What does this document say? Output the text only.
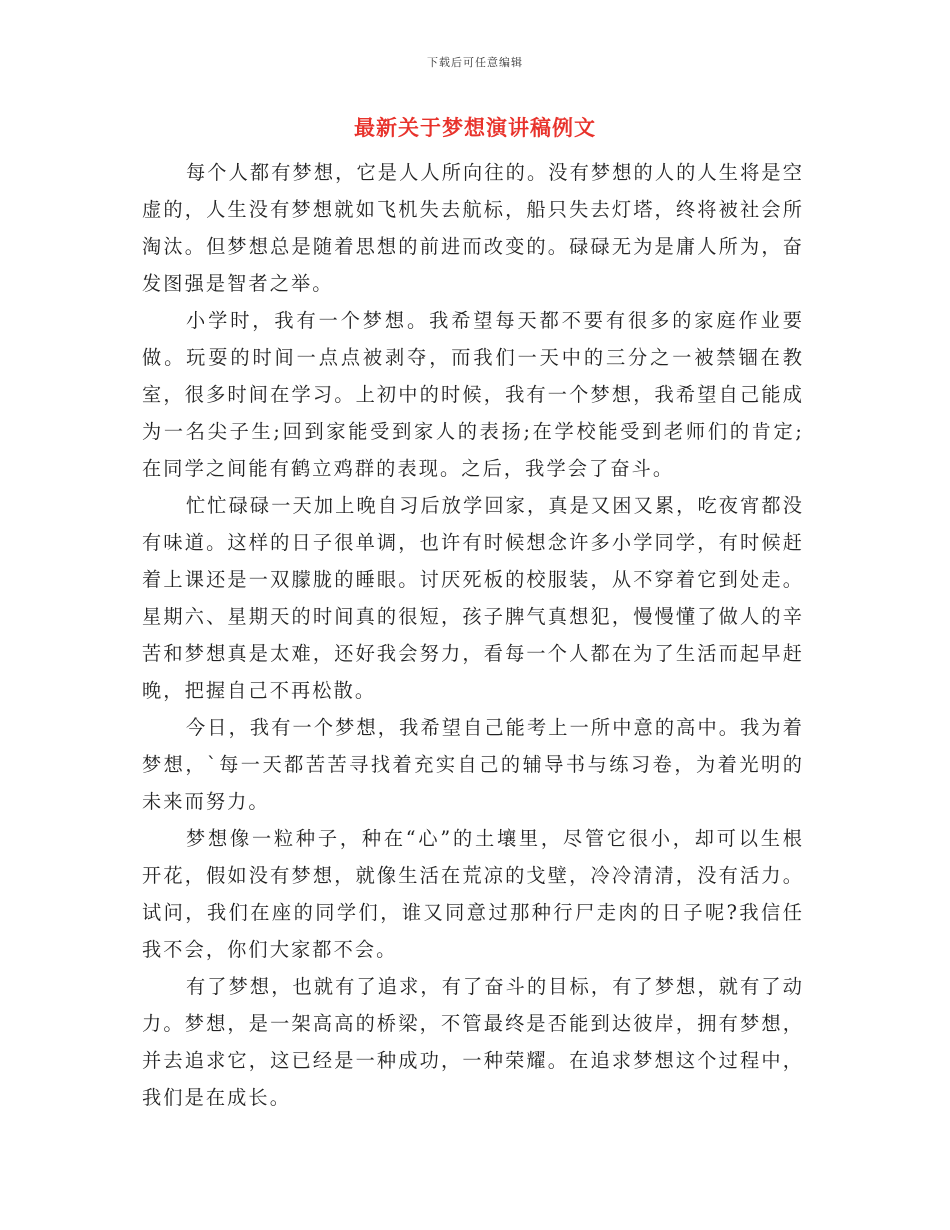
下载后可任意编辑
最新关于梦想演讲稿例文

每个人都有梦想，它是人人所向往的。没有梦想的人的人生将是空虚的，人生没有梦想就如飞机失去航标，船只失去灯塔，终将被社会所淘汰。但梦想总是随着思想的前进而改变的。碌碌无为是庸人所为，奋发图强是智者之举。

小学时，我有一个梦想。我希望每天都不要有很多的家庭作业要做。玩耍的时间一点点被剥夺，而我们一天中的三分之一被禁锢在教室，很多时间在学习。上初中的时候，我有一个梦想，我希望自己能成为一名尖子生;回到家能受到家人的表扬;在学校能受到老师们的肯定;在同学之间能有鹤立鸡群的表现。之后，我学会了奋斗。

忙忙碌碌一天加上晚自习后放学回家，真是又困又累，吃夜宵都没有味道。这样的日子很单调，也许有时候想念许多小学同学，有时候赶着上课还是一双朦胧的睡眼。讨厌死板的校服装，从不穿着它到处走。星期六、星期天的时间真的很短，孩子脾气真想犯，慢慢懂了做人的辛苦和梦想真是太难，还好我会努力，看每一个人都在为了生活而起早赶晚，把握自己不再松散。

今日，我有一个梦想，我希望自己能考上一所中意的高中。我为着梦想，`每一天都苦苦寻找着充实自己的辅导书与练习卷，为着光明的未来而努力。

梦想像一粒种子，种在“心”的土壤里，尽管它很小，却可以生根开花，假如没有梦想，就像生活在荒凉的戈壁，冷冷清清，没有活力。试问，我们在座的同学们，谁又同意过那种行尸走肉的日子呢?我信任我不会，你们大家都不会。

有了梦想，也就有了追求，有了奋斗的目标，有了梦想，就有了动力。梦想，是一架高高的桥梁，不管最终是否能到达彼岸，拥有梦想，并去追求它，这已经是一种成功，一种荣耀。在追求梦想这个过程中，我们是在成长。
